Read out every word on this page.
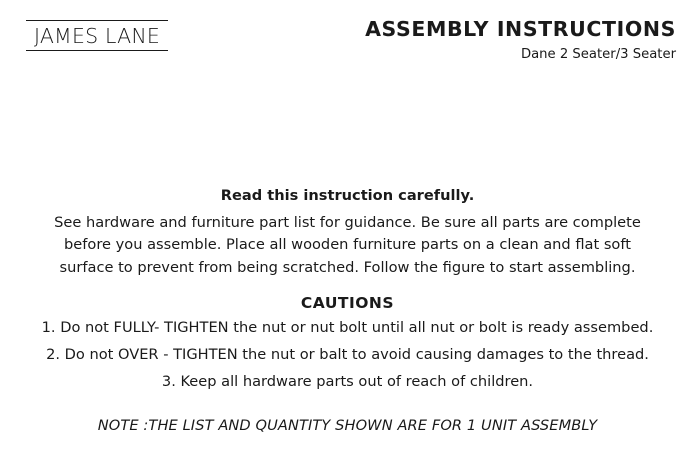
JAMES LANE	ASSEMBLY INSTRUCTIONS
Dane 2 Seater/3 Seater
Read this instruction carefully.
See hardware and furniture part list for guidance. Be sure all parts are complete
before you assemble. Place all wooden furniture parts on a clean and flat soft
surface to prevent from being scratched. Follow the figure to start assembling.
CAUTIONS
1. Do not FULLY- TIGHTEN the nut or nut bolt until all nut or bolt is ready assembed.
2. Do not OVER - TIGHTEN the nut or balt to avoid causing damages to the thread.
3. Keep all hardware parts out of reach of children.
NOTE :THE LIST AND QUANTITY SHOWN ARE FOR 1 UNIT ASSEMBLY
